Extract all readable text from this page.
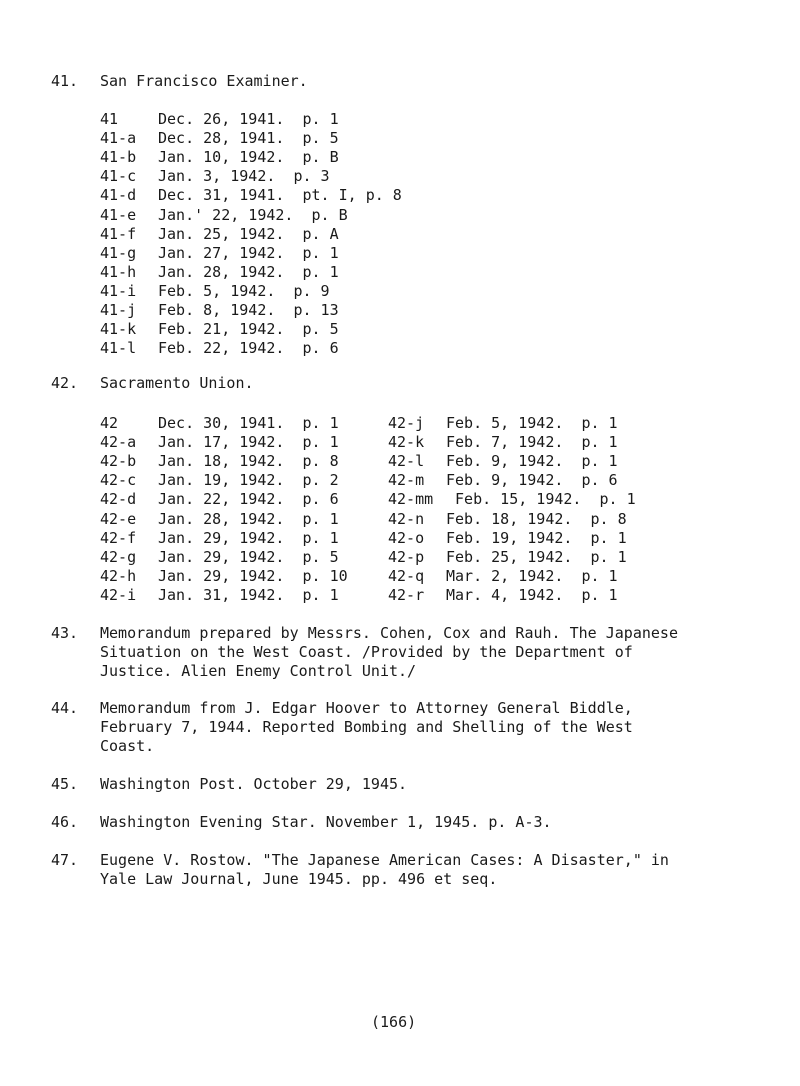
41. San Francisco Examiner.
41	Dec. 26, 1941.  p. 1
41-a Dec. 28, 1941.  p. 5
41-b Jan. 10, 1942.  p. B
41-c Jan. 3, 1942.  p. 3
41-d Dec. 31, 1941.  pt. I, p. 8
41-e Jan.' 22, 1942.  p. B
41-f Jan. 25, 1942.  p. A
41-g Jan. 27, 1942.  p. 1
41-h Jan. 28, 1942.  p. 1
41-i Feb. 5, 1942.  p. 9
41-j Feb. 8, 1942.  p. 13
41-k Feb. 21, 1942.  p. 5
41-l Feb. 22, 1942.  p. 6
42. Sacramento Union.
42	Dec. 30, 1941.  p. 1
42-a Jan. 17, 1942.  p. 1
42-b Jan. 18, 1942.  p. 8
42-c Jan. 19, 1942.  p. 2
42-d Jan. 22, 1942.  p. 6
42-e Jan. 28, 1942.  p. 1
42-f Jan. 29, 1942.  p. 1
42-g Jan. 29, 1942.  p. 5
42-h Jan. 29, 1942.  p. 10
42-i Jan. 31, 1942.  p. 1
42-j Feb. 5, 1942.  p. 1
42-k Feb. 7, 1942.  p. 1
42-l Feb. 9, 1942.  p. 1
42-m Feb. 9, 1942.  p. 6
42-mm Feb. 15, 1942.  p. 1
42-n Feb. 18, 1942.  p. 8
42-o Feb. 19, 1942.  p. 1
42-p Feb. 25, 1942.  p. 1
42-q Mar. 2, 1942.  p. 1
42-r Mar. 4, 1942.  p. 1
43. Memorandum prepared by Messrs. Cohen, Cox and Rauh. The Japanese
Situation on the West Coast. /Provided by the Department of
Justice. Alien Enemy Control Unit./
44. Memorandum from J. Edgar Hoover to Attorney General Biddle,
February 7, 1944. Reported Bombing and Shelling of the West
Coast.
45. Washington Post. October 29, 1945.
46. Washington Evening Star. November 1, 1945. p. A-3.
47. Eugene V. Rostow. "The Japanese American Cases: A Disaster," in
Yale Law Journal, June 1945. pp. 496 et seq.
(166)
